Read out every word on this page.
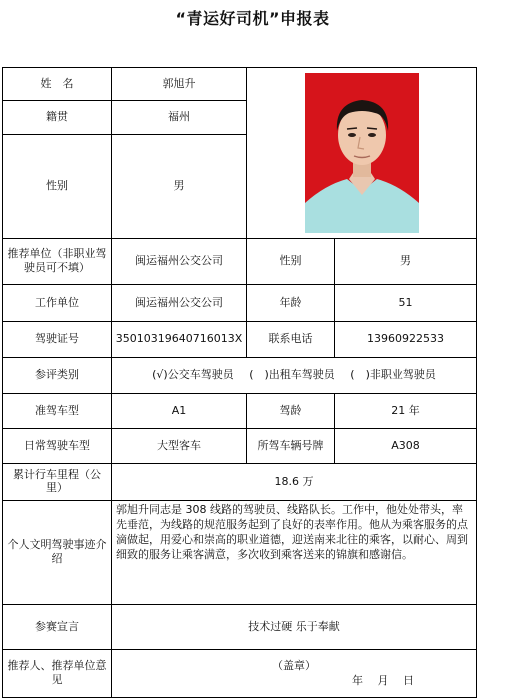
“青运好司机”申报表
姓　名	郭旭升	

籍贯	福州		
性别	男		
推荐单位（非职业驾驶员可不填）	闽运福州公交公司	性别	男
工作单位	闽运福州公交公司	年龄	51
驾驶证号	35010319640716013X	联系电话	13960922533
参评类别	(√)公交车驾驶员 (　)出租车驾驶员 (　)非职业驾驶员		
准驾车型	A1	驾龄	21 年
日常驾驶车型	大型客车	所驾车辆号牌	A308
累计行车里程（公里）	18.6 万		
个人文明驾驶事迹介绍	郭旭升同志是 308 线路的驾驶员、线路队长。工作中，他处处带头，率先垂范，为线路的规范服务起到了良好的表率作用。他从为乘客服务的点滴做起，用爱心和崇高的职业道德，迎送南来北往的乘客，以耐心、周到细致的服务让乘客满意，多次收到乘客送来的锦旗和感谢信。		
参赛宣言	技术过硬 乐于奉献		
推荐人、推荐单位意见	（盖章）
年　 月　 日		
